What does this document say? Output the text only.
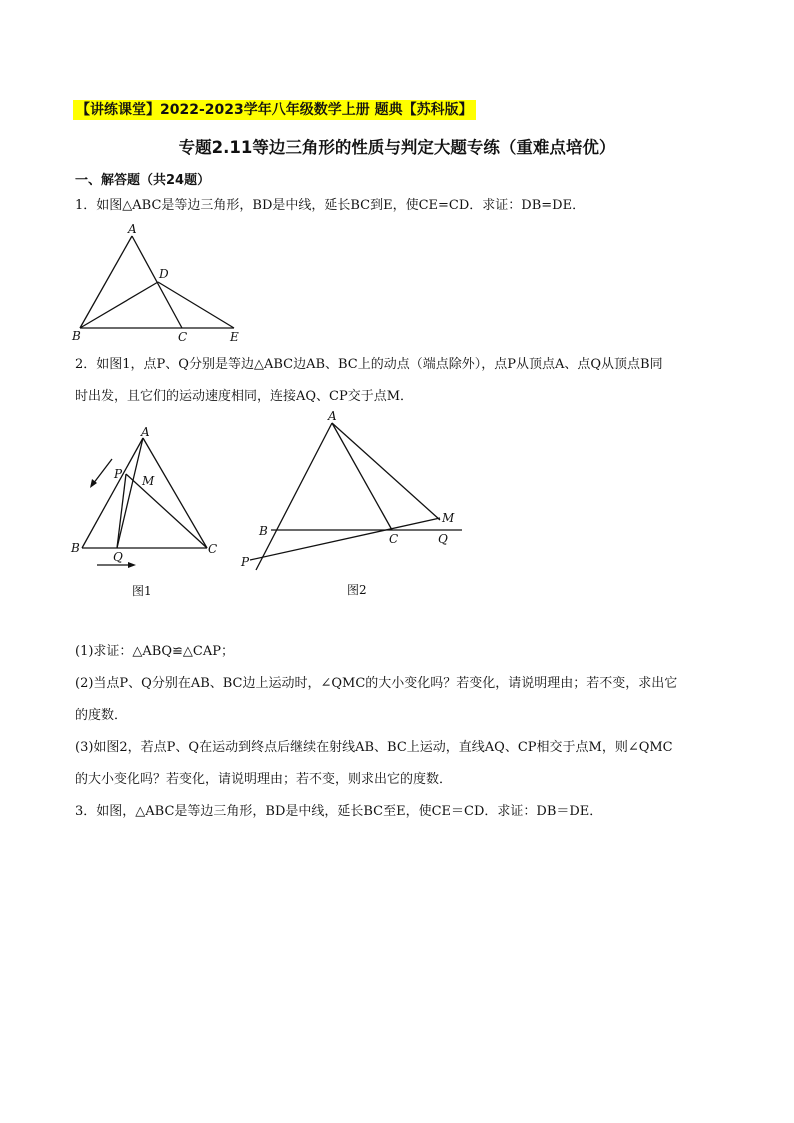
【讲练课堂】2022-2023学年八年级数学上册 题典【苏科版】
专题2.11等边三角形的性质与判定大题专练（重难点培优）
一、解答题（共24题）
1．如图△ABC是等边三角形，BD是中线，延长BC到E，使CE=CD．求证：DB=DE．
A
B	C
D
E
2．如图1，点P、Q分别是等边△ABC边AB、BC上的动点（端点除外），点P从顶点A、点Q从顶点B同
时出发，且它们的运动速度相同，连接AQ、CP交于点M．
A
B	C
P
Q
M
图1
A
B
C
P
Q
M
图2
(1)求证：△ABQ≌△CAP；
(2)当点P、Q分别在AB、BC边上运动时，∠QMC的大小变化吗？若变化，请说明理由；若不变，求出它
的度数．
(3)如图2，若点P、Q在运动到终点后继续在射线AB、BC上运动，直线AQ、CP相交于点M，则∠QMC
的大小变化吗？若变化，请说明理由；若不变，则求出它的度数．
3．如图，△ABC是等边三角形，BD是中线，延长BC至E，使CE＝CD．求证：DB＝DE．
